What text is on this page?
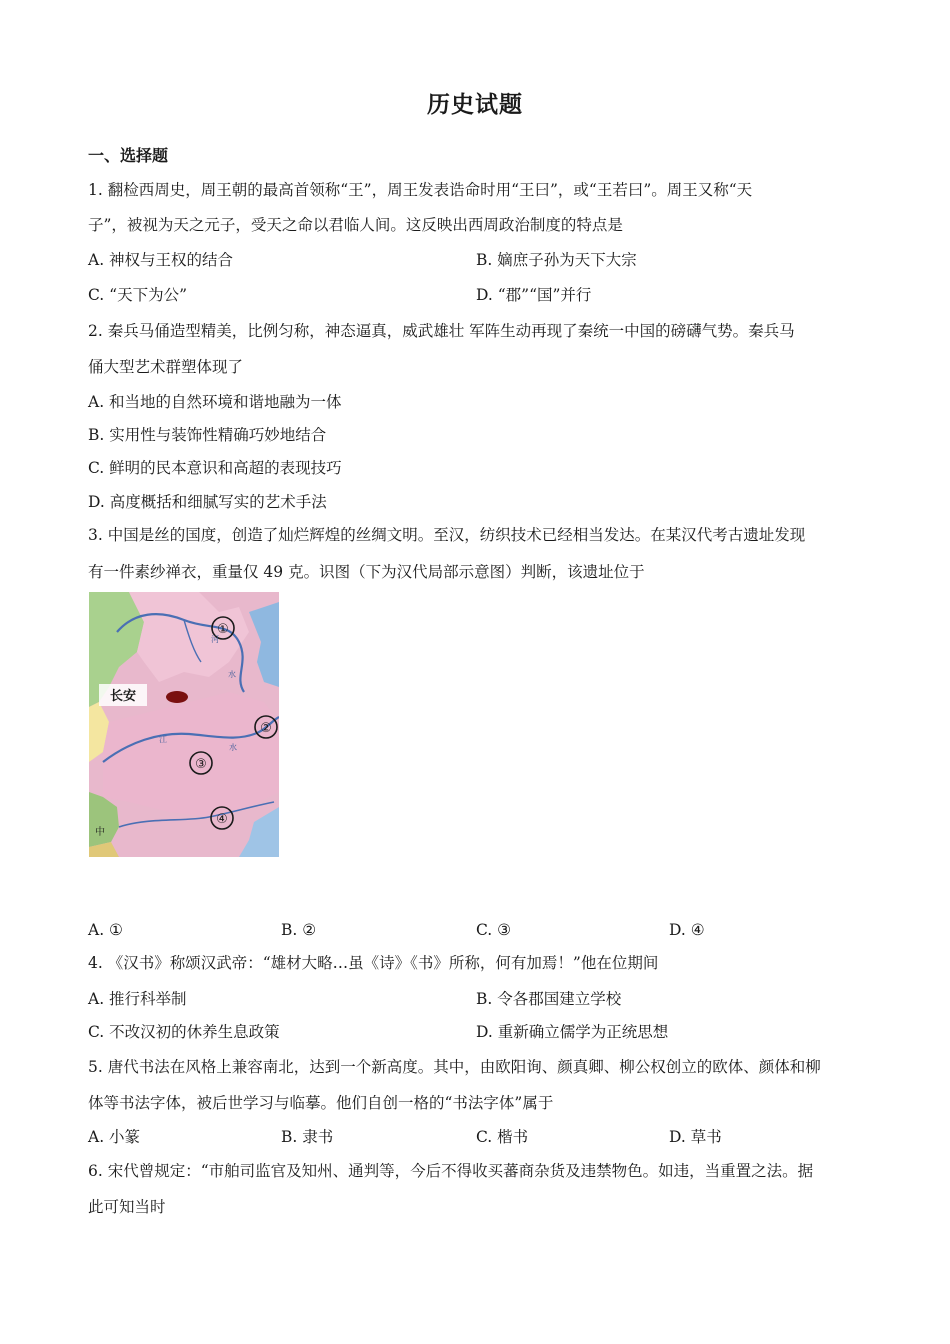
历史试题
一、选择题
1. 翻检西周史，周王朝的最高首领称“王”，周王发表诰命时用“王曰”，或“王若曰”。周王又称“天
子”，被视为天之元子，受天之命以君临人间。这反映出西周政治制度的特点是
A. 神权与王权的结合	B. 嫡庶子孙为天下大宗
C. “天下为公”	D. “郡”“国”并行
2. 秦兵马俑造型精美，比例匀称，神态逼真，威武雄壮 军阵生动再现了秦统一中国的磅礴气势。秦兵马
俑大型艺术群塑体现了
A. 和当地的自然环境和谐地融为一体
B. 实用性与装饰性精确巧妙地结合
C. 鲜明的民本意识和高超的表现技巧
D. 高度概括和细腻写实的艺术手法
3. 中国是丝的国度，创造了灿烂辉煌的丝绸文明。至汉，纺织技术已经相当发达。在某汉代考古遗址发现
有一件素纱禅衣，重量仅 49 克。识图（下为汉代局部示意图）判断，该遗址位于
长安
①
②
③
④
河
水
江
水
中
A. ①	B. ②	C. ③	D. ④
4. 《汉书》称颂汉武帝：“雄材大略…虽《诗》《书》所称，何有加焉！”他在位期间
A. 推行科举制	B. 令各郡国建立学校
C. 不改汉初的休养生息政策	D. 重新确立儒学为正统思想
5. 唐代书法在风格上兼容南北，达到一个新高度。其中，由欧阳询、颜真卿、柳公权创立的欧体、颜体和柳
体等书法字体，被后世学习与临摹。他们自创一格的“书法字体”属于
A. 小篆	B. 隶书	C. 楷书	D. 草书
6. 宋代曾规定：“市舶司监官及知州、通判等，今后不得收买蕃商杂货及违禁物色。如违，当重置之法。据
此可知当时
